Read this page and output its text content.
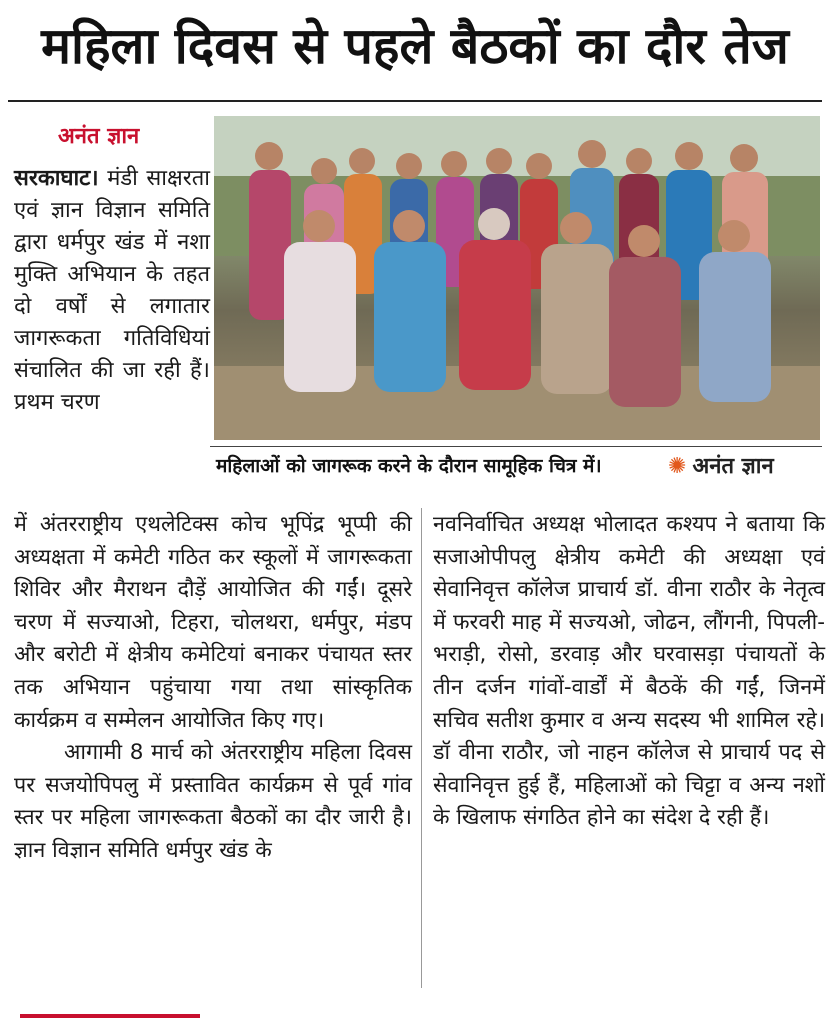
महिला दिवस से पहले बैठकों का दौर तेज
अनंत ज्ञान
सरकाघाट। मंडी साक्षरता एवं ज्ञान विज्ञान समिति द्वारा धर्मपुर खंड में नशा मुक्ति अभियान के तहत दो वर्षों से लगातार जागरूकता गतिविधियां संचालित की जा रही हैं। प्रथम चरण
महिलाओं को जागरूक करने के दौरान सामूहिक चित्र में।	✺ अनंत ज्ञान

में अंतरराष्ट्रीय एथलेटिक्स कोच भूपिंद्र भूप्पी की अध्यक्षता में कमेटी गठित कर स्कूलों में जागरूकता शिविर और मैराथन दौड़ें आयोजित की गईं। दूसरे चरण में सज्याओ, टिहरा, चोलथरा, धर्मपुर, मंडप और बरोटी में क्षेत्रीय कमेटियां बनाकर पंचायत स्तर तक अभियान पहुंचाया गया तथा सांस्कृतिक कार्यक्रम व सम्मेलन आयोजित किए गए।

आगामी 8 मार्च को अंतरराष्ट्रीय महिला दिवस पर सजयोपिपलु में प्रस्तावित कार्यक्रम से पूर्व गांव स्तर पर महिला जागरूकता बैठकों का दौर जारी है। ज्ञान विज्ञान समिति धर्मपुर खंड के

नवनिर्वाचित अध्यक्ष भोलादत कश्यप ने बताया कि सजाओपीपलु क्षेत्रीय कमेटी की अध्यक्षा एवं सेवानिवृत्त कॉलेज प्राचार्य डॉ. वीना राठौर के नेतृत्व में फरवरी माह में सज्यओ, जोढन, लौंगनी, पिपली-भराड़ी, रोसो, डरवाड़ और घरवासड़ा पंचायतों के तीन दर्जन गांवों-वार्डों में बैठकें की गईं, जिनमें सचिव सतीश कुमार व अन्य सदस्य भी शामिल रहे। डॉ वीना राठौर, जो नाहन कॉलेज से प्राचार्य पद से सेवानिवृत्त हुई हैं, महिलाओं को चिट्टा व अन्य नशों के खिलाफ संगठित होने का संदेश दे रही हैं।
